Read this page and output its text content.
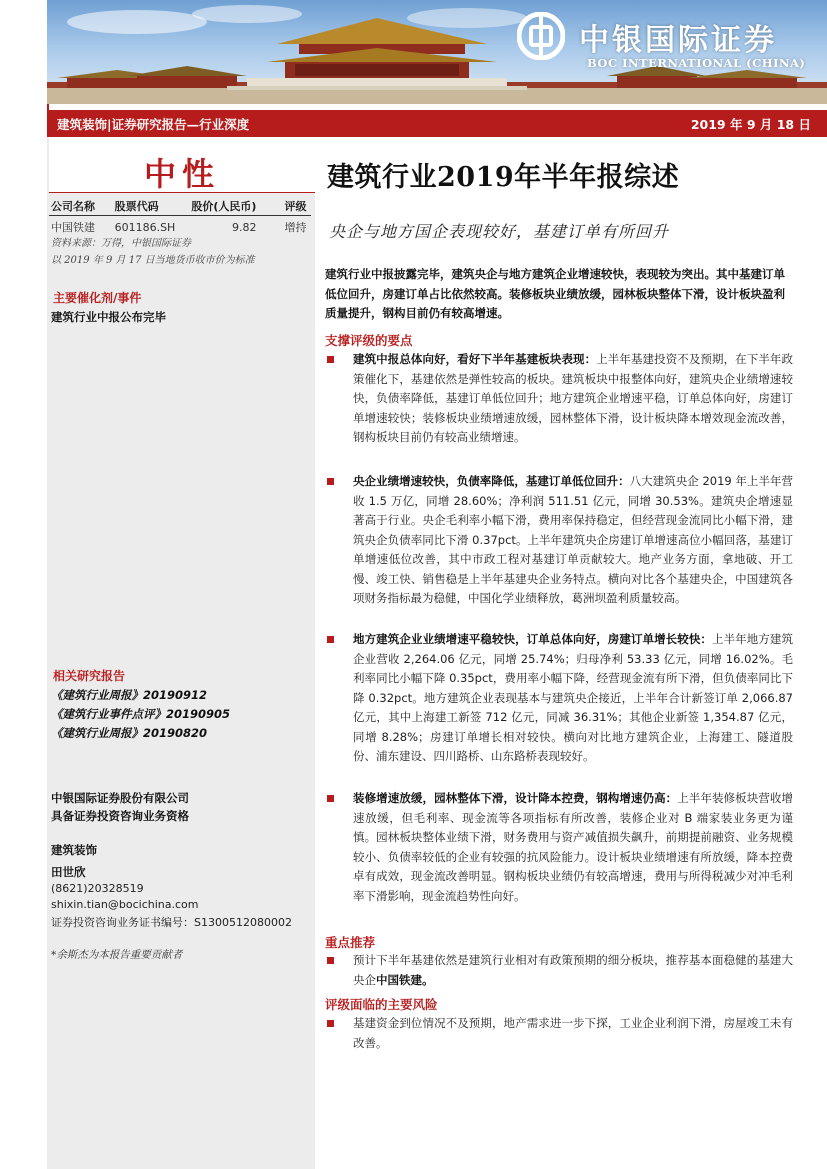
中银国际证券
BOC INTERNATIONAL (CHINA)
建筑装饰|证券研究报告—行业深度	2019 年 9 月 18 日
中性
公司名称	股票代码	股价(人民币)	评级
中国铁建	601186.SH	9.82	增持
资料来源：万得，中银国际证券
以 2019 年 9 月 17 日当地货币收市价为标准
主要催化剂/事件
建筑行业中报公布完毕
相关研究报告
《建筑行业周报》20190912
《建筑行业事件点评》20190905
《建筑行业周报》20190820
中银国际证券股份有限公司
具备证券投资咨询业务资格
建筑装饰
田世欣
(8621)20328519
shixin.tian@bocichina.com
证券投资咨询业务证书编号：S1300512080002
*余斯杰为本报告重要贡献者
建筑行业2019年半年报综述
央企与地方国企表现较好，基建订单有所回升
建筑行业中报披露完毕，建筑央企与地方建筑企业增速较快，表现较为突出。其中基建订单低位回升，房建订单占比依然较高。装修板块业绩放缓，园林板块整体下滑，设计板块盈利质量提升，钢构目前仍有较高增速。
支撑评级的要点
建筑中报总体向好，看好下半年基建板块表现：上半年基建投资不及预期，在下半年政策催化下，基建依然是弹性较高的板块。建筑板块中报整体向好，建筑央企业绩增速较快，负债率降低，基建订单低位回升；地方建筑企业增速平稳，订单总体向好，房建订单增速较快；装修板块业绩增速放缓，园林整体下滑，设计板块降本增效现金流改善，钢构板块目前仍有较高业绩增速。
央企业绩增速较快，负债率降低，基建订单低位回升：八大建筑央企 2019 年上半年营收 1.5 万亿，同增 28.60%；净利润 511.51 亿元，同增 30.53%。建筑央企增速显著高于行业。央企毛利率小幅下滑，费用率保持稳定，但经营现金流同比小幅下滑，建筑央企负债率同比下滑 0.37pct。上半年建筑央企房建订单增速高位小幅回落，基建订单增速低位改善，其中市政工程对基建订单贡献较大。地产业务方面，拿地破、开工慢、竣工快、销售稳是上半年基建央企业务特点。横向对比各个基建央企，中国建筑各项财务指标最为稳健，中国化学业绩释放，葛洲坝盈利质量较高。
地方建筑企业业绩增速平稳较快，订单总体向好，房建订单增长较快：上半年地方建筑企业营收 2,264.06 亿元，同增 25.74%；归母净利 53.33 亿元，同增 16.02%。毛利率同比小幅下降 0.35pct，费用率小幅下降，经营现金流有所下滑，但负债率同比下降 0.32pct。地方建筑企业表现基本与建筑央企接近，上半年合计新签订单 2,066.87 亿元，其中上海建工新签 712 亿元，同减 36.31%；其他企业新签 1,354.87 亿元，同增 8.28%；房建订单增长相对较快。横向对比地方建筑企业，上海建工、隧道股份、浦东建设、四川路桥、山东路桥表现较好。
装修增速放缓，园林整体下滑，设计降本控费，钢构增速仍高：上半年装修板块营收增速放缓，但毛利率、现金流等各项指标有所改善，装修企业对 B 端家装业务更为谨慎。园林板块整体业绩下滑，财务费用与资产减值损失飙升，前期提前融资、业务规模较小、负债率较低的企业有较强的抗风险能力。设计板块业绩增速有所放缓，降本控费卓有成效，现金流改善明显。钢构板块业绩仍有较高增速，费用与所得税减少对冲毛利率下滑影响，现金流趋势性向好。
重点推荐
预计下半年基建依然是建筑行业相对有政策预期的细分板块，推荐基本面稳健的基建大央企中国铁建。
评级面临的主要风险
基建资金到位情况不及预期，地产需求进一步下探，工业企业利润下滑，房屋竣工未有改善。
